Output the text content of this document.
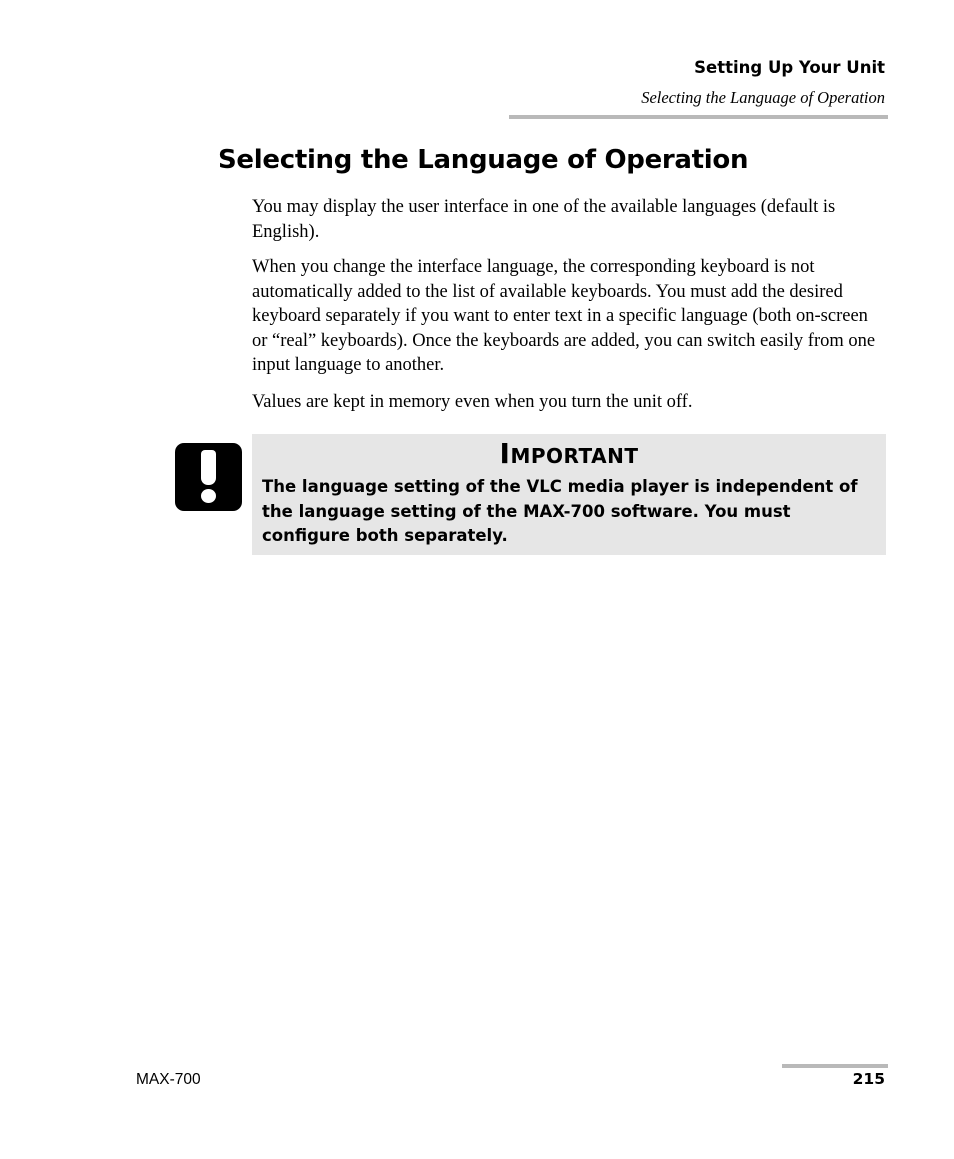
Setting Up Your Unit
Selecting the Language of Operation
Selecting the Language of Operation

You may display the user interface in one of the available languages (default is English).

When you change the interface language, the corresponding keyboard is not automatically added to the list of available keyboards. You must add the desired keyboard separately if you want to enter text in a specific language (both on-screen or “real” keyboards). Once the keyboards are added, you can switch easily from one input language to another.

Values are kept in memory even when you turn the unit off.

Important

The language setting of the VLC media player is independent of the language setting of the MAX-700 software. You must configure both separately.

MAX-700	215
